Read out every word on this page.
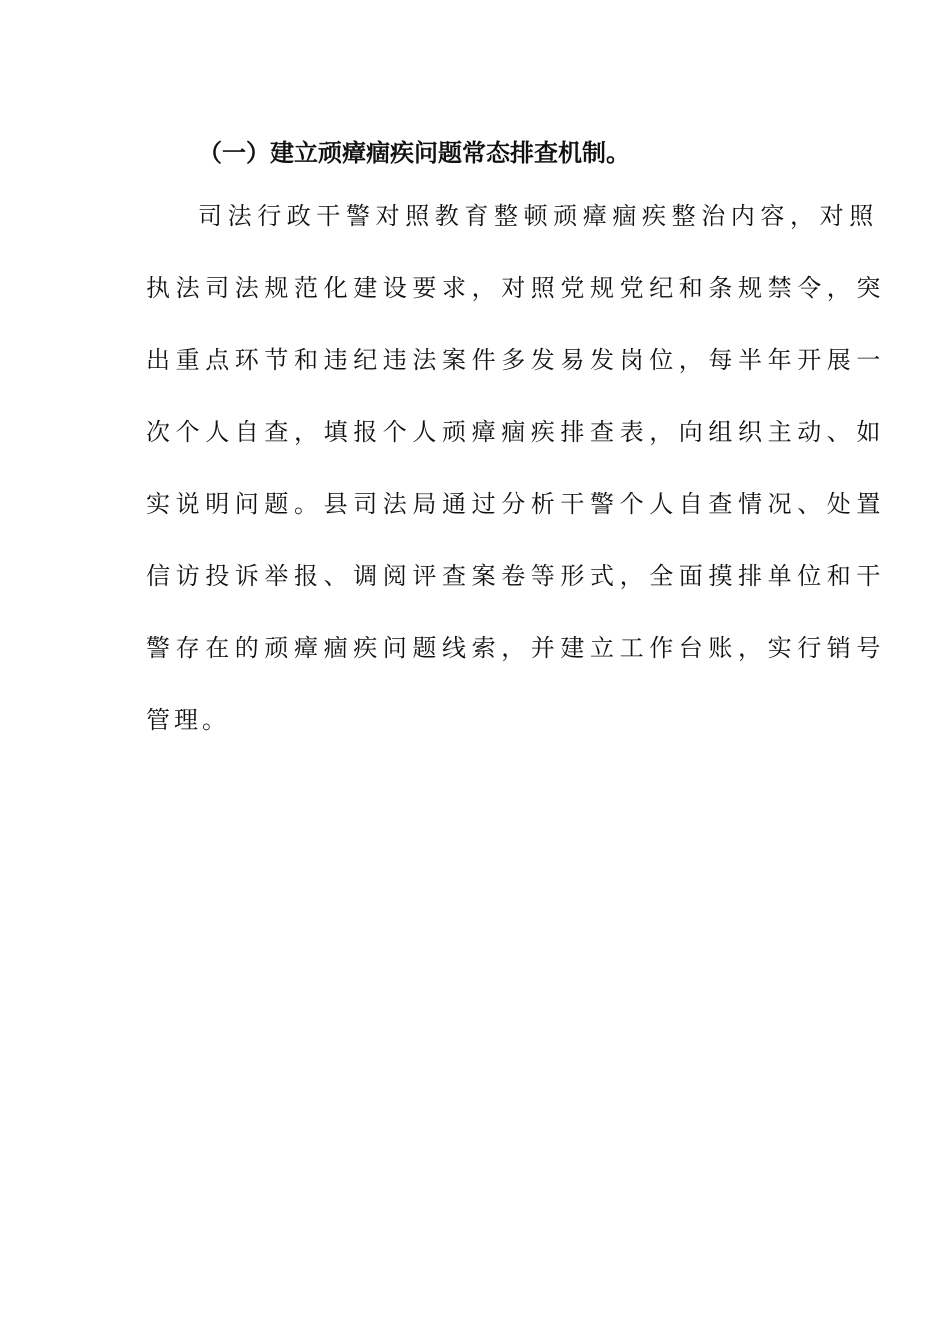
（一）建立顽瘴痼疾问题常态排查机制。
司法行政干警对照教育整顿顽瘴痼疾整治内容，对照
执法司法规范化建设要求，对照党规党纪和条规禁令，突
出重点环节和违纪违法案件多发易发岗位，每半年开展一
次个人自查，填报个人顽瘴痼疾排查表，向组织主动、如
实说明问题。县司法局通过分析干警个人自查情况、处置
信访投诉举报、调阅评查案卷等形式，全面摸排单位和干
警存在的顽瘴痼疾问题线索，并建立工作台账，实行销号
管理。
